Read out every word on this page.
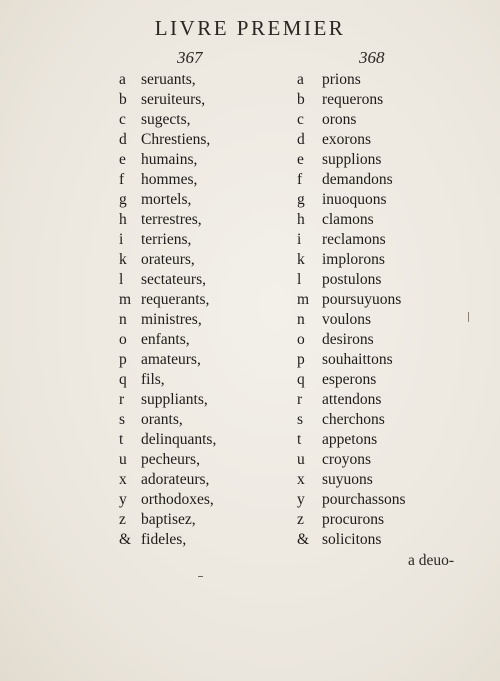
LIVRE PREMIER
367	368
a seruants,
b seruiteurs,
c sugects,
d Chrestiens,
e humains,
f	hommes,
g mortels,
h terrestres,
i	terriens,
k orateurs,
l	sectateurs,
m requerants,
n ministres,
o enfants,
p amateurs,
q fils,
r	suppliants,
s	orants,
t	delinquants,
u pecheurs,
x adorateurs,
y orthodoxes,
z baptisez,
& fideles,
a	prions
b	requerons
c	orons
d	exorons
e	supplions
f	demandons
g	inuoquons
h	clamons
i	reclamons
k	implorons
l	postulons
m poursuyuons
n	voulons
o	desirons
p	souhaittons
q	esperons
r	attendons
s	cherchons
t	appetons
u	croyons
x	suyuons
y	pourchassons
z	procurons
& solicitons
a deuo-
